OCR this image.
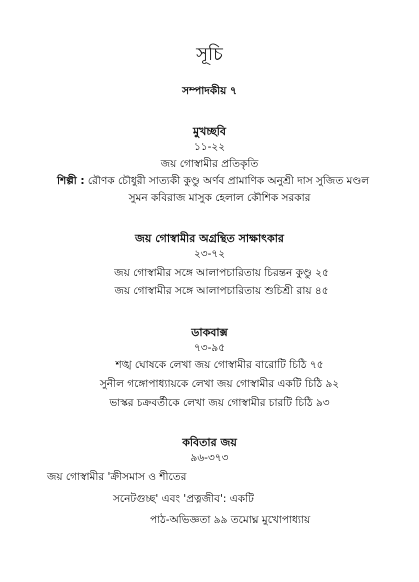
সূচি
সম্পাদকীয় ৭
মুখচ্ছবি
১১-২২
জয় গোস্বামীর প্রতিকৃতি
শিল্পী : রৌণক চৌধুরী সাত্যকী কুণ্ডু অর্ণব প্রামাণিক অনুশ্রী দাস সুজিত মণ্ডল
সুমন কবিরাজ মাসুক হেলাল কৌশিক সরকার
জয় গোস্বামীর অগ্রন্থিত সাক্ষাৎকার
২৩-৭২
জয় গোস্বামীর সঙ্গে আলাপচারিতায় চিরন্তন কুণ্ডু ২৫
জয় গোস্বামীর সঙ্গে আলাপচারিতায় শুচিশ্রী রায় ৪৫
ডাকবাক্স
৭৩-৯৫
শঙ্খ ঘোষকে লেখা জয় গোস্বামীর বারোটি চিঠি ৭৫
সুনীল গঙ্গোপাধ্যায়কে লেখা জয় গোস্বামীর একটি চিঠি ৯২
ভাস্কর চক্রবর্তীকে লেখা জয় গোস্বামীর চারটি চিঠি ৯৩
কবিতার জয়
৯৬-৩৭৩
জয় গোস্বামীর 'ক্রীসমাস ও শীতের
সনেটগুচ্ছ' এবং 'প্রত্নজীব': একটি
পাঠ-অভিজ্ঞতা ৯৯ তমোঘ্ন মুখোপাধ্যায়
